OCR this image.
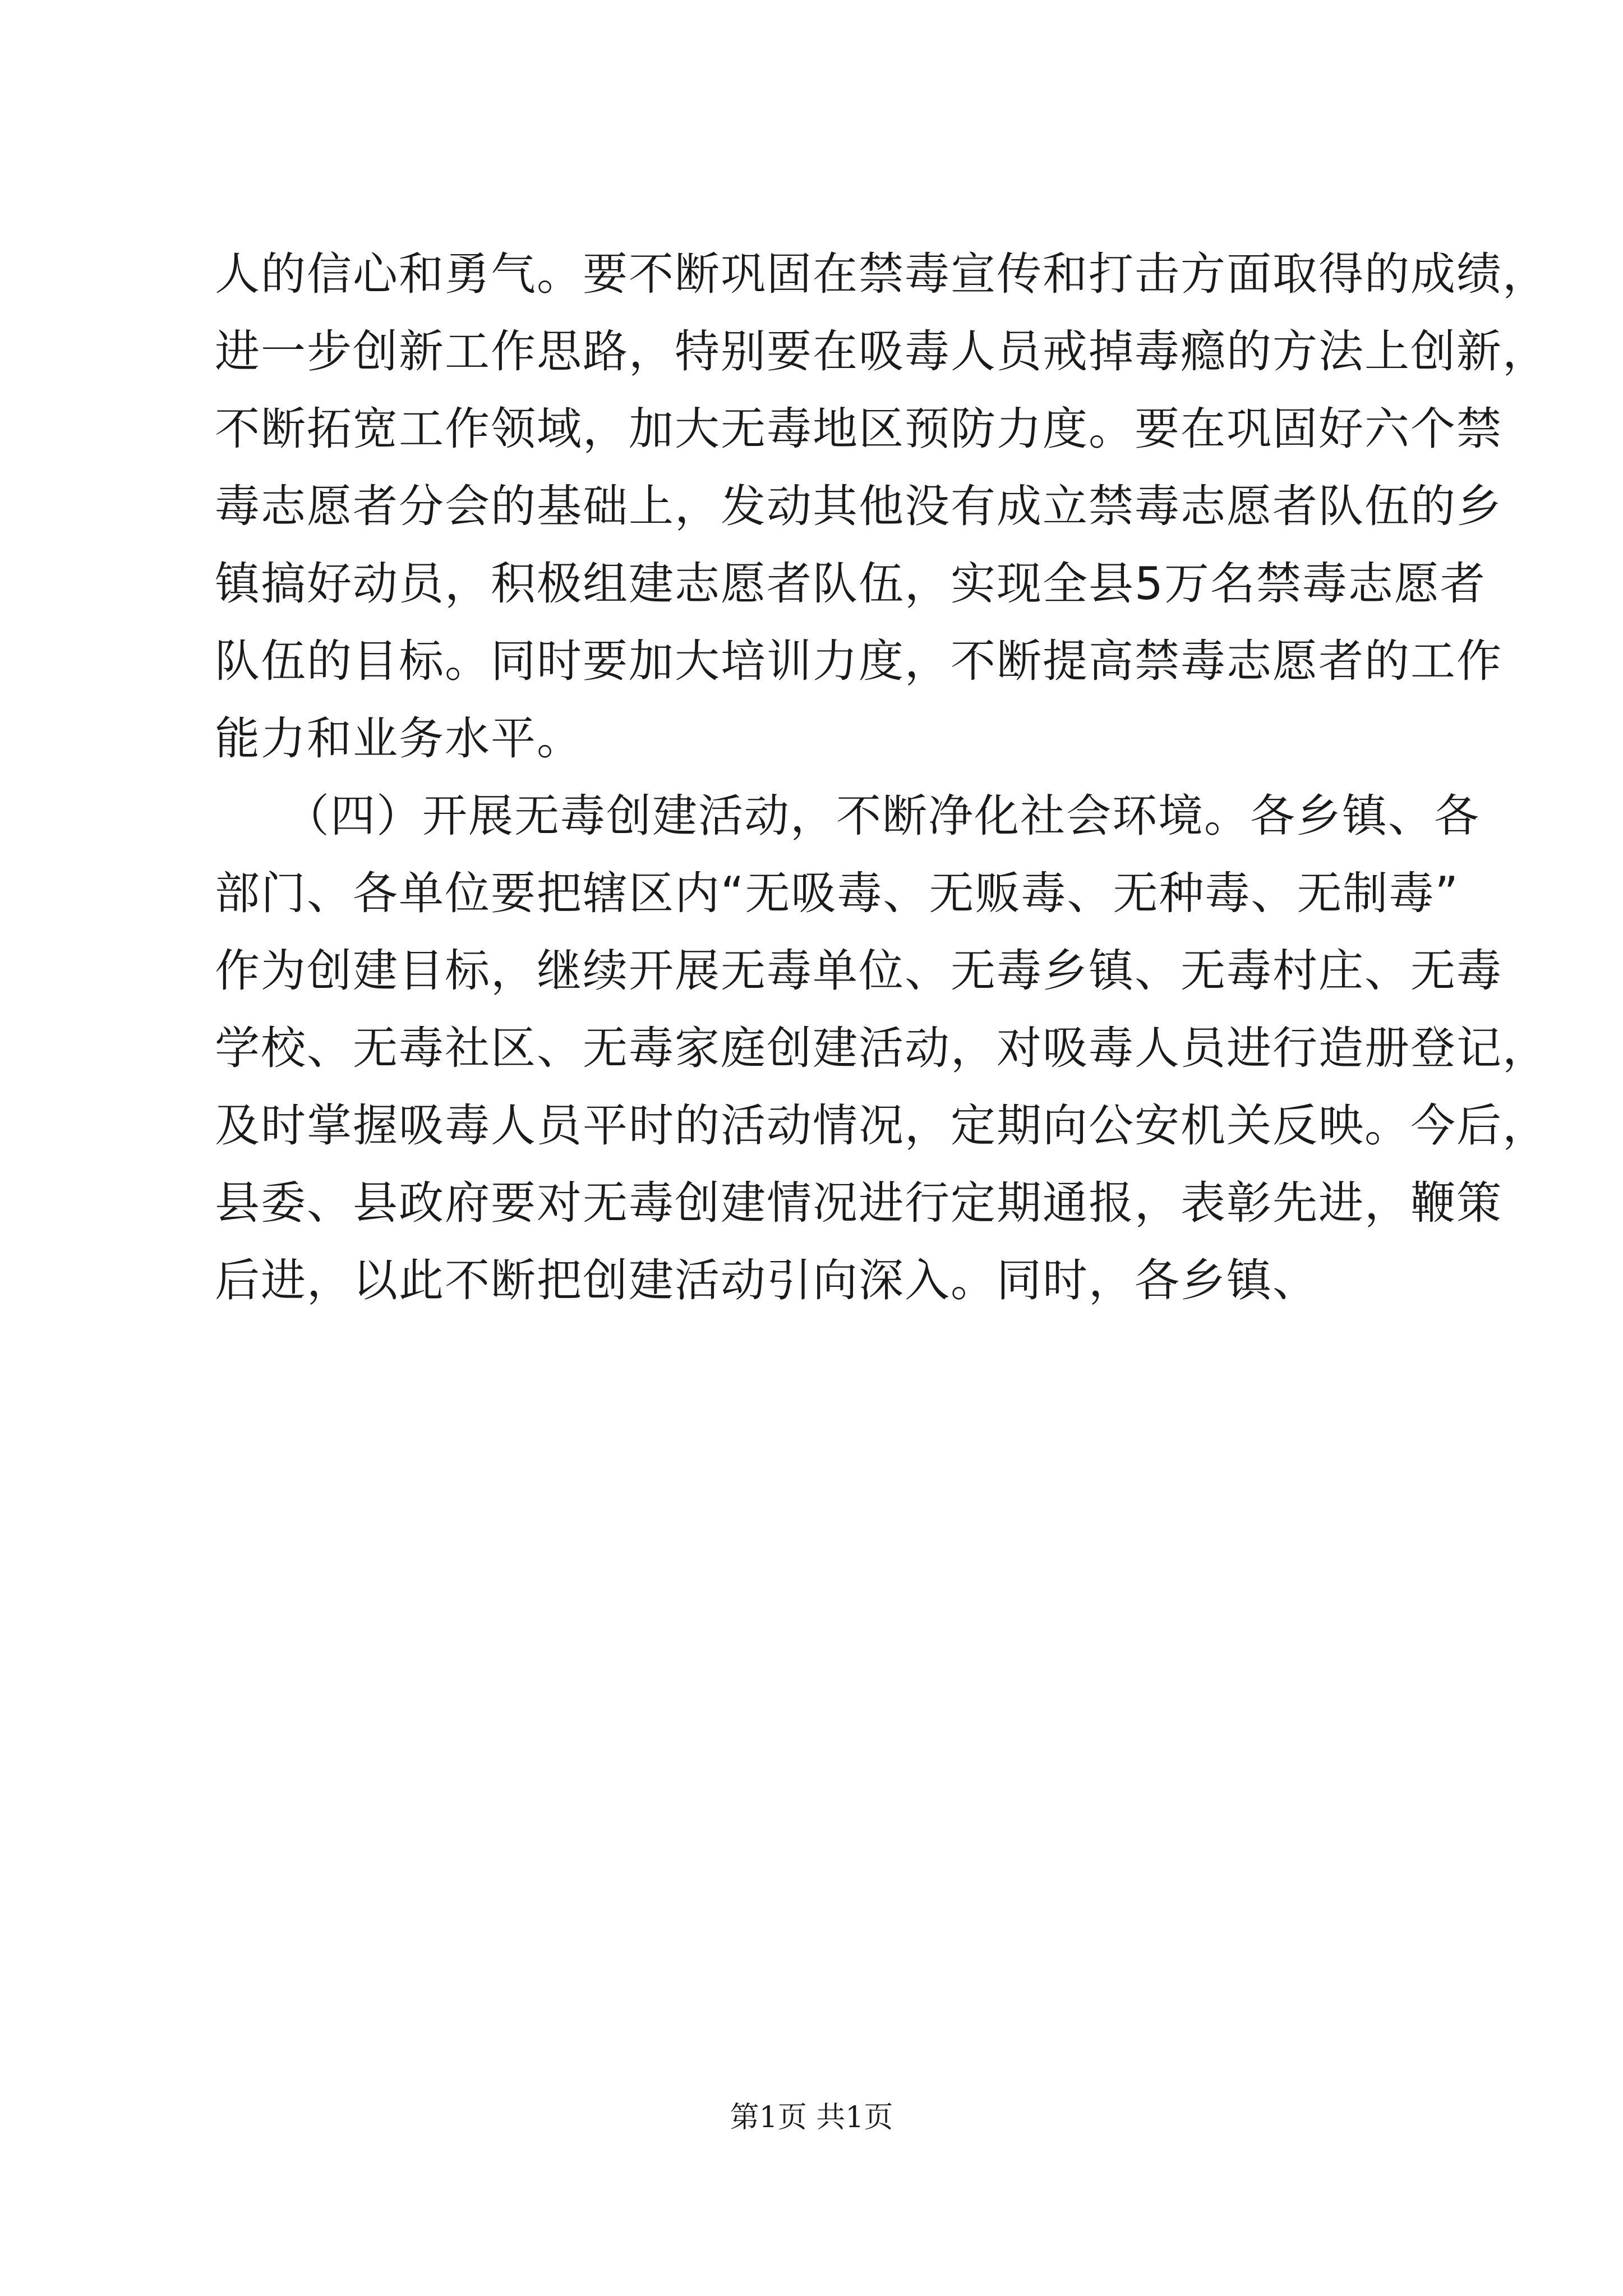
人的信心和勇气。要不断巩固在禁毒宣传和打击方面取得的成绩，
进一步创新工作思路，特别要在吸毒人员戒掉毒瘾的方法上创新，
不断拓宽工作领域，加大无毒地区预防力度。要在巩固好六个禁
毒志愿者分会的基础上，发动其他没有成立禁毒志愿者队伍的乡
镇搞好动员，积极组建志愿者队伍，实现全县5万名禁毒志愿者
队伍的目标。同时要加大培训力度，不断提高禁毒志愿者的工作
能力和业务水平。
　　（四）开展无毒创建活动，不断净化社会环境。各乡镇、各
部门、各单位要把辖区内“无吸毒、无贩毒、无种毒、无制毒”
作为创建目标，继续开展无毒单位、无毒乡镇、无毒村庄、无毒
学校、无毒社区、无毒家庭创建活动，对吸毒人员进行造册登记，
及时掌握吸毒人员平时的活动情况，定期向公安机关反映。今后，
县委、县政府要对无毒创建情况进行定期通报，表彰先进，鞭策
后进，以此不断把创建活动引向深入。同时，各乡镇、
第1页 共1页
